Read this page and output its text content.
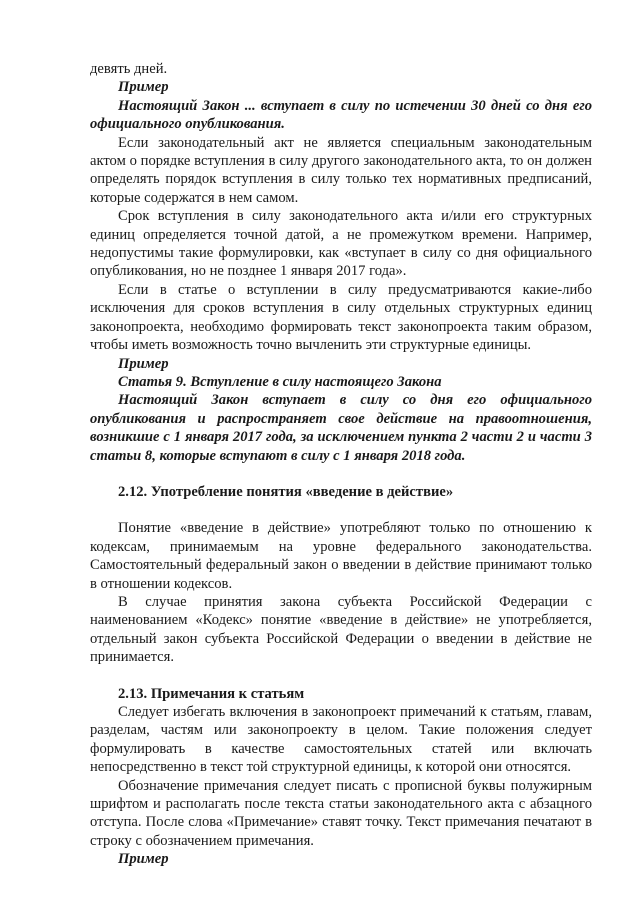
девять дней.

Пример

Настоящий Закон ... вступает в силу по истечении 30 дней со дня его официального опубликования.

Если законодательный акт не является специальным законодательным актом о порядке вступления в силу другого законодательного акта, то он должен определять порядок вступления в силу только тех нормативных предписаний, которые содержатся в нем самом.

Срок вступления в силу законодательного акта и/или его структурных единиц определяется точной датой, а не промежутком времени. Например, недопустимы такие формулировки, как «вступает в силу со дня официального опубликования, но не позднее 1 января 2017 года».

Если в статье о вступлении в силу предусматриваются какие-либо исключения для сроков вступления в силу отдельных структурных единиц законопроекта, необходимо формировать текст законопроекта таким образом, чтобы иметь возможность точно вычленить эти структурные единицы.

Пример

Статья 9. Вступление в силу настоящего Закона

Настоящий Закон вступает в силу со дня его официального опубликования и распространяет свое действие на правоотношения, возникшие с 1 января 2017 года, за исключением пункта 2 части 2 и части 3 статьи 8, которые вступают в силу с 1 января 2018 года.

2.12. Употребление понятия «введение в действие»

Понятие «введение в действие» употребляют только по отношению к кодексам, принимаемым на уровне федерального законодательства. Самостоятельный федеральный закон о введении в действие принимают только в отношении кодексов.

В случае принятия закона субъекта Российской Федерации с наименованием «Кодекс» понятие «введение в действие» не употребляется, отдельный закон субъекта Российской Федерации о введении в действие не принимается.

2.13. Примечания к статьям

Следует избегать включения в законопроект примечаний к статьям, главам, разделам, частям или законопроекту в целом. Такие положения следует формулировать в качестве самостоятельных статей или включать непосредственно в текст той структурной единицы, к которой они относятся.

Обозначение примечания следует писать с прописной буквы полужирным шрифтом и располагать после текста статьи законодательного акта с абзацного отступа. После слова «Примечание» ставят точку. Текст примечания печатают в строку с обозначением примечания.

Пример
